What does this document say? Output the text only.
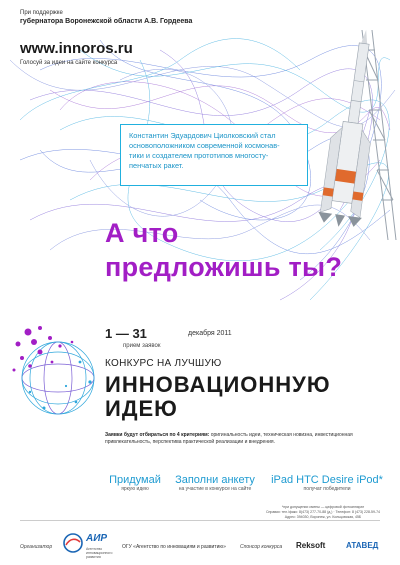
При поддержке
губернатора Воронежской области А.В. Гордеева
www.innoros.ru
Голосуй за идеи на сайте конкурса
Константин Эдуардович Циолковский стал
основоположником современной космонав-
тики и создателем прототипов многосту-
пенчатых ракет.
А что
предложишь ты?
1 — 31	декабря 2011
прием заявок
КОНКУРС НА ЛУЧШУЮ
ИННОВАЦИОННУЮ
ИДЕЮ
Заявки будут отбираться по 4 критериям: оригинальность идеи, техническая новизна, инвестиционная привлекательность, перспектива практической реализации и внедрения.
Придумай
яркую идею
Заполни анкету
на участие в конкурсе на сайте
iPad HTC Desire iPod*
получат победители
*при допущении смены — цифровой фотоаппарат
Справки: тел./факс: 8(473) 277-70-88 (д.) · Телефон: 8 (473) 228-59-74
Адрес: 394030, Воронеж, ул. Кольцовская, 45Б
Организатор
АИР
Агентство инновационного развития
ОГУ «Агентство по инновациям и развитию»	Спонсор конкурса Reksoft	АТАВЕД
